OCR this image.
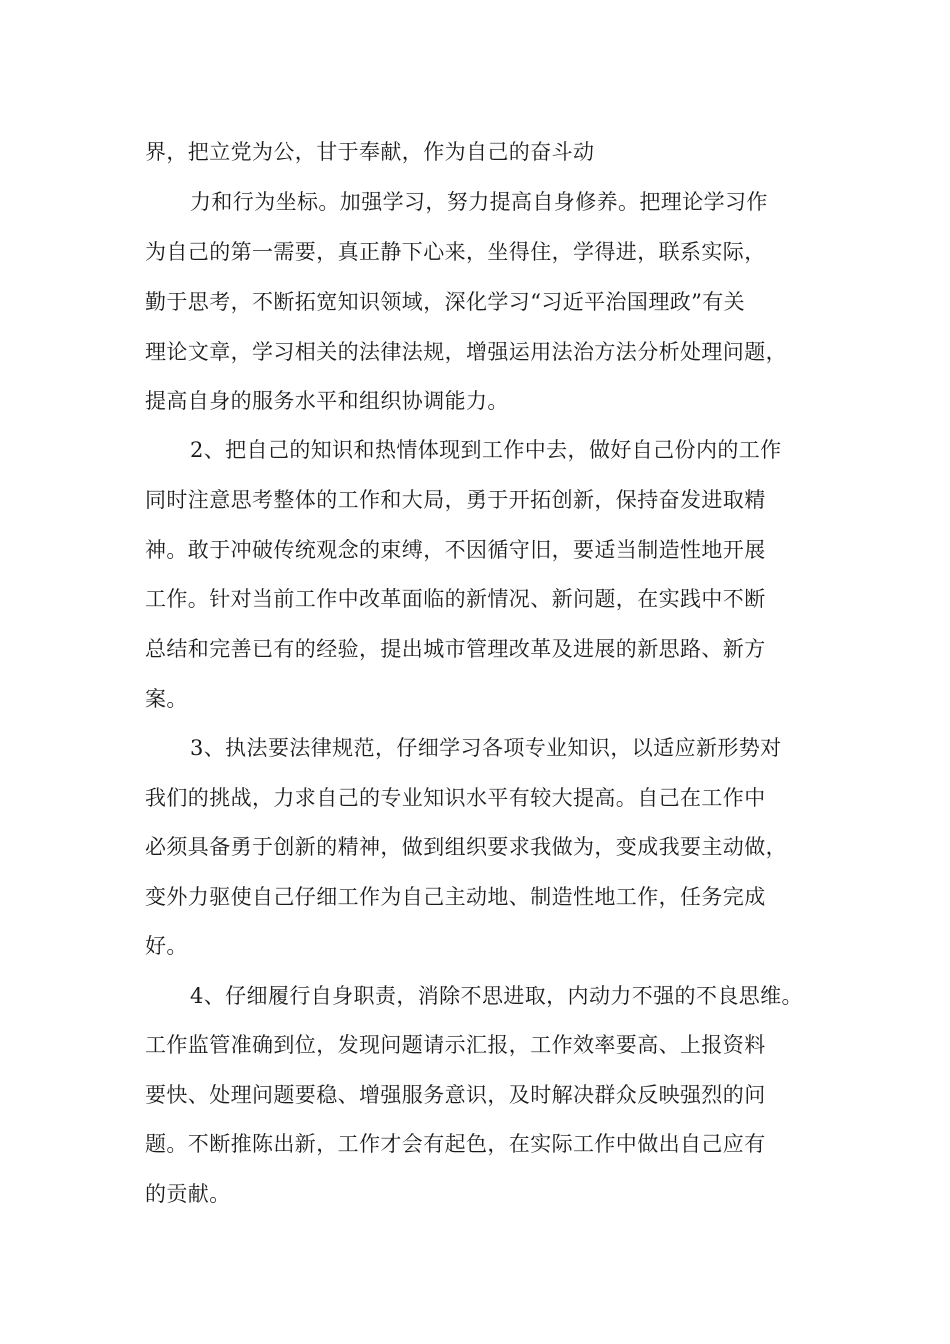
界，把立党为公，甘于奉献，作为自己的奋斗动
力和行为坐标。加强学习，努力提高自身修养。把理论学习作
为自己的第一需要，真正静下心来，坐得住，学得进，联系实际，
勤于思考，不断拓宽知识领域，深化学习“习近平治国理政”有关
理论文章，学习相关的法律法规，增强运用法治方法分析处理问题，
提高自身的服务水平和组织协调能力。
2、把自己的知识和热情体现到工作中去，做好自己份内的工作
同时注意思考整体的工作和大局，勇于开拓创新，保持奋发进取精
神。敢于冲破传统观念的束缚，不因循守旧，要适当制造性地开展
工作。针对当前工作中改革面临的新情况、新问题，在实践中不断
总结和完善已有的经验，提出城市管理改革及进展的新思路、新方
案。
3、执法要法律规范，仔细学习各项专业知识，以适应新形势对
我们的挑战，力求自己的专业知识水平有较大提高。自己在工作中
必须具备勇于创新的精神，做到组织要求我做为，变成我要主动做，
变外力驱使自己仔细工作为自己主动地、制造性地工作，任务完成
好。
4、仔细履行自身职责，消除不思进取，内动力不强的不良思维。
工作监管准确到位，发现问题请示汇报，工作效率要高、上报资料
要快、处理问题要稳、增强服务意识，及时解决群众反映强烈的问
题。不断推陈出新，工作才会有起色，在实际工作中做出自己应有
的贡献。
